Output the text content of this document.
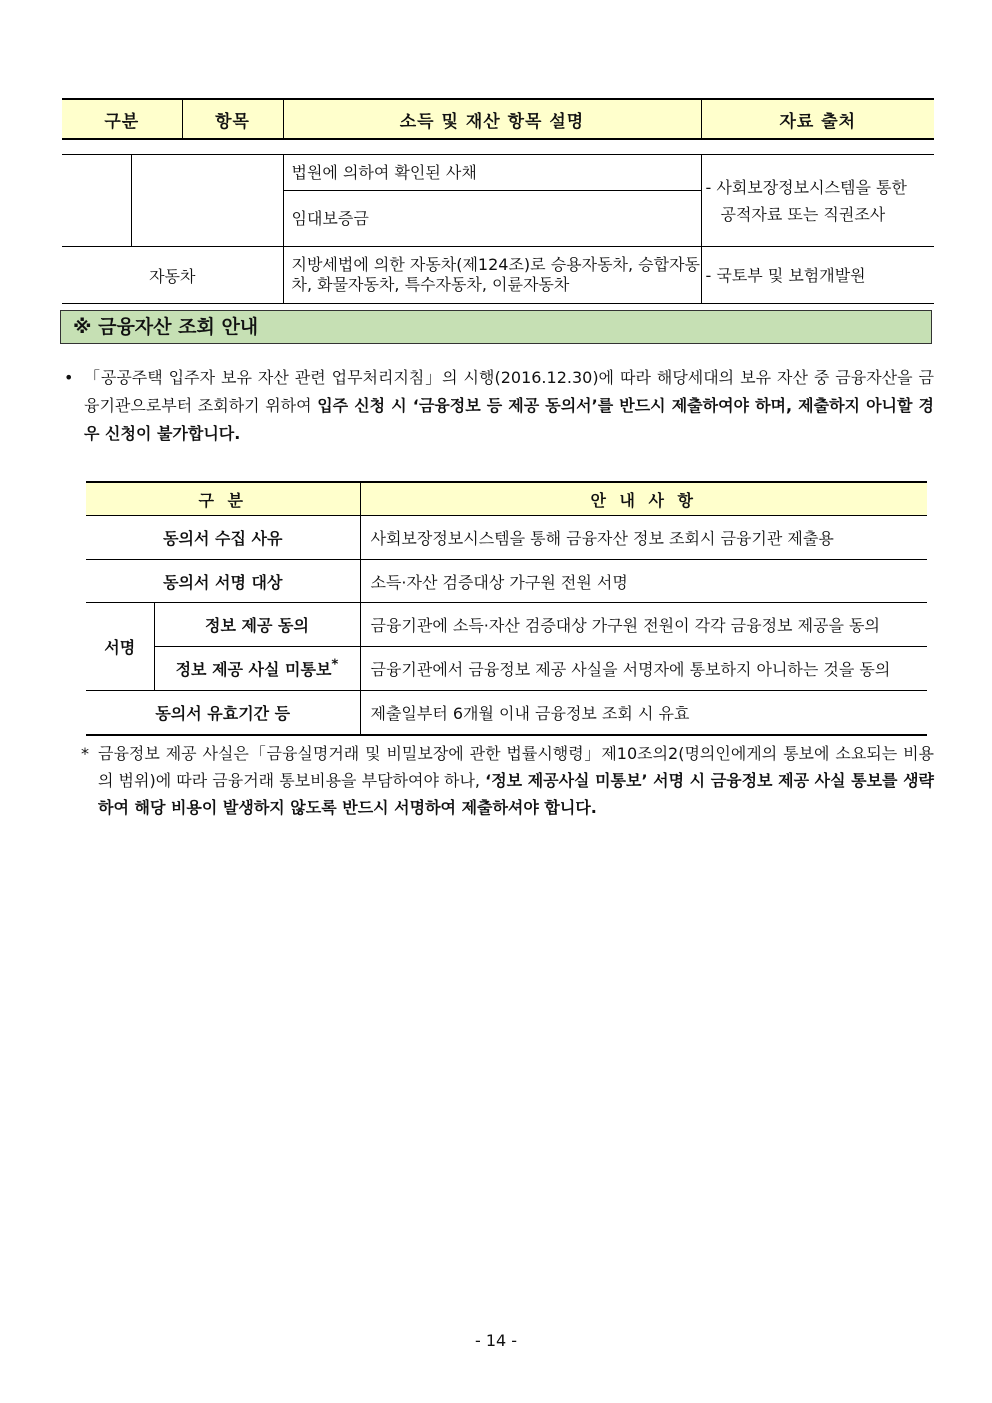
구분		항목	소득 및 재산 항목 설명	자료 출처

			법원에 의하여 확인된 사채	- 사회보장정보시스템을 통한
공적자료 또는 직권조사

			임대보증금	
자동차			지방세법에 의한 자동차(제124조)로 승용자동차, 승합자동차, 화물자동차, 특수자동차, 이륜자동차	- 국토부 및 보험개발원
※ 금융자산 조회 안내
• 「공공주택 입주자 보유 자산 관련 업무처리지침」의 시행(2016.12.30)에 따라 해당세대의 보유 자산 중 금융자산을 금융기관으로부터 조회하기 위하여 입주 신청 시 ‘금융정보 등 제공 동의서’를 반드시 제출하여야 하며, 제출하지 아니할 경우 신청이 불가합니다.
구 분		안 내 사 항
동의서 수집 사유		사회보장정보시스템을 통해 금융자산 정보 조회시 금융기관 제출용
동의서 서명 대상		소득·자산 검증대상 가구원 전원 서명
서명	정보 제공 동의	금융기관에 소득·자산 검증대상 가구원 전원이 각각 금융정보 제공을 동의
	정보 제공 사실 미통보*	금융기관에서 금융정보 제공 사실을 서명자에 통보하지 아니하는 것을 동의
동의서 유효기간 등		제출일부터 6개월 이내 금융정보 조회 시 유효
* 금융정보 제공 사실은「금융실명거래 및 비밀보장에 관한 법률시행령」제10조의2(명의인에게의 통보에 소요되는 비용의 범위)에 따라 금융거래 통보비용을 부담하여야 하나, ‘정보 제공사실 미통보’ 서명 시 금융정보 제공 사실 통보를 생략하여 해당 비용이 발생하지 않도록 반드시 서명하여 제출하셔야 합니다.
- 14 -
